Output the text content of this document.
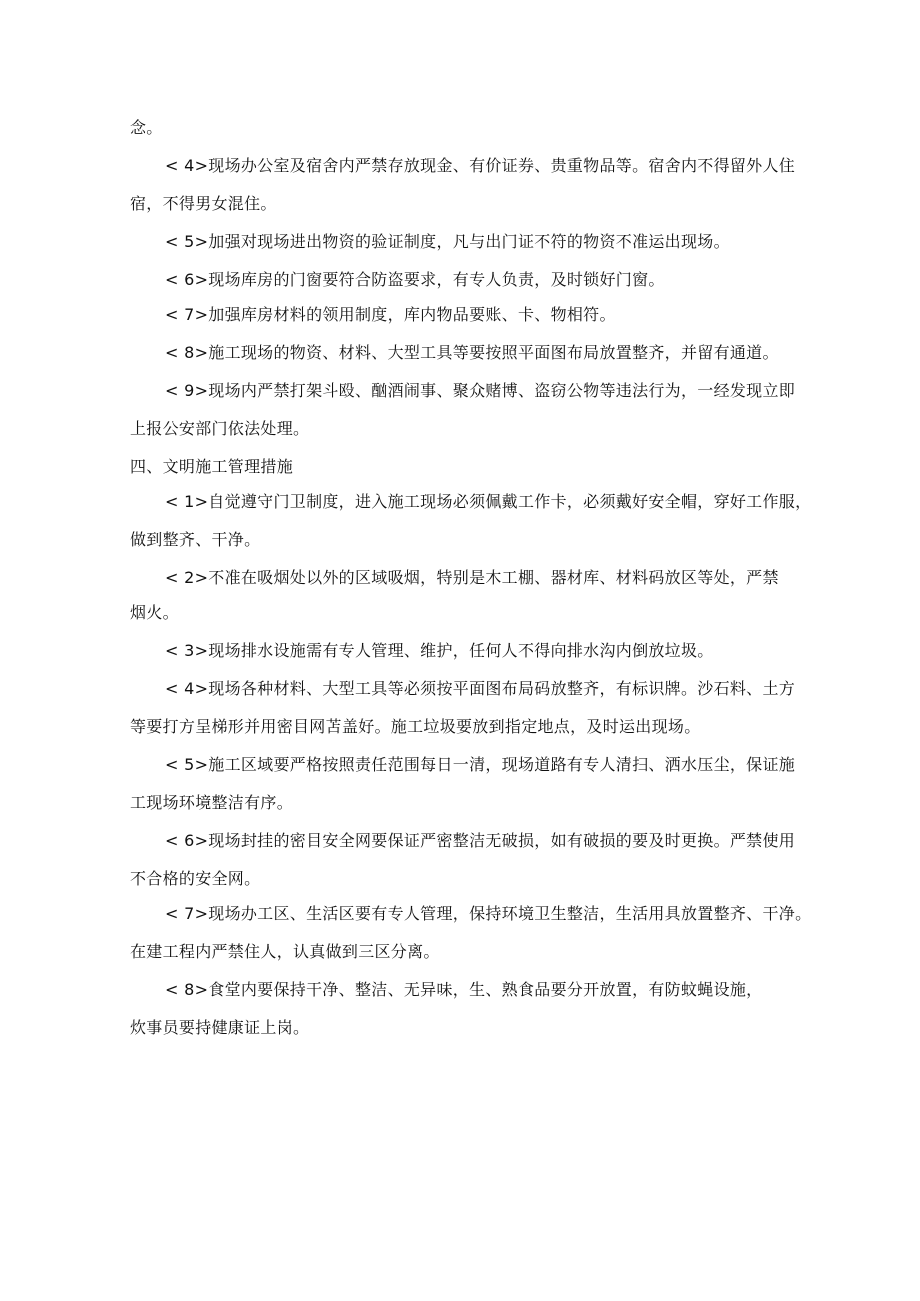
念。
< 4>现场办公室及宿舍内严禁存放现金、有价证券、贵重物品等。宿舍内不得留外人住
宿，不得男女混住。
< 5>加强对现场进出物资的验证制度，凡与出门证不符的物资不准运出现场。
< 6>现场库房的门窗要符合防盗要求，有专人负责，及时锁好门窗。
< 7>加强库房材料的领用制度，库内物品要账、卡、物相符。
< 8>施工现场的物资、材料、大型工具等要按照平面图布局放置整齐，并留有通道。
< 9>现场内严禁打架斗殴、酗酒闹事、聚众赌博、盗窃公物等违法行为，一经发现立即
上报公安部门依法处理。
四、文明施工管理措施
< 1>自觉遵守门卫制度，进入施工现场必须佩戴工作卡，必须戴好安全帽，穿好工作服，
做到整齐、干净。
< 2>不准在吸烟处以外的区域吸烟，特别是木工棚、器材库、材料码放区等处，严禁
烟火。
< 3>现场排水设施需有专人管理、维护，任何人不得向排水沟内倒放垃圾。
< 4>现场各种材料、大型工具等必须按平面图布局码放整齐，有标识牌。沙石料、土方
等要打方呈梯形并用密目网苫盖好。施工垃圾要放到指定地点，及时运出现场。
< 5>施工区域要严格按照责任范围每日一清，现场道路有专人清扫、洒水压尘，保证施
工现场环境整洁有序。
< 6>现场封挂的密目安全网要保证严密整洁无破损，如有破损的要及时更换。严禁使用
不合格的安全网。
< 7>现场办工区、生活区要有专人管理，保持环境卫生整洁，生活用具放置整齐、干净。
在建工程内严禁住人，认真做到三区分离。
< 8>食堂内要保持干净、整洁、无异味，生、熟食品要分开放置，有防蚊蝇设施，
炊事员要持健康证上岗。
